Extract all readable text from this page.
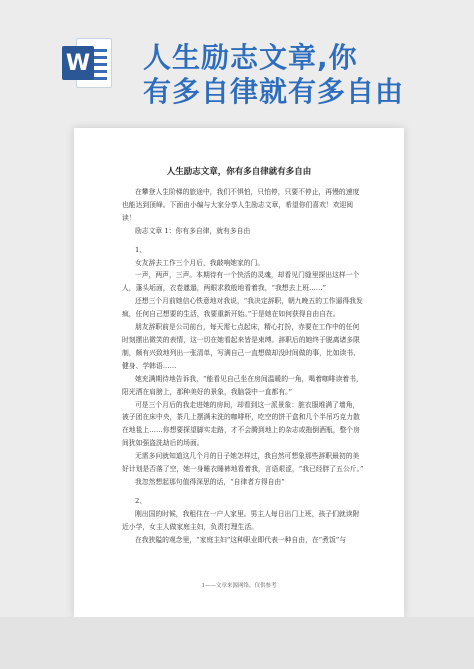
W 人生励志文章,你
有多自律就有多自由
人生励志文章，你有多自律就有多自由
在攀登人生阶梯的旅途中，我们不惧怕，只怕停，只要不停止，再慢的速度也能达到顶峰。下面由小编与大家分享人生励志文章，希望你们喜欢！欢迎阅读！
励志文章 1：你有多自律，就有多自由
1、
女友辞去工作三个月后，我敲响她家的门。
一声，两声，三声。本期待有一个快活的灵魂，却看见门缝里探出这样一个人，蓬头垢面，衣卷邋遢，两眼求救般地看着我，“我想去上班……”
还想三个月前她信心铁意地对我说，“我决定辞职，朝九晚五的工作逼得我发疯，任何自己想要的生活，我要重新开始。”于是她在如何获得自由自在。
朋友辞职前是公司前台，每天需七点起床，精心打扮，赤要在工作中的任何时刻摆出微笑的表情，这一切在她看起来皆是束缚。辞职后的她终于脱离诸多限制，颇有兴致地列出一张清单，写满自己一直想做却没时间做的事，比如读书、健身、学韩语……
她充满期待地告诉我，“能看见自己坐在房间温暖的一角，喝着咖啡读着书，阳光洒在肩膀上，那种美好的景象，我脑袋中一直都有。”
可是三个月后的我走进她的房间，却看到这一派景象：脏衣服堆满了墙角，被子团在床中央，茶几上摆满未洗的咖啡杯，吃空的饼干盒和几个半吊巧克力散在地毯上……你想要探望脚实走路，才不会腾到地上的杂志或拖倒酒瓶，整个房间犹如强盗洗劫后的场面。
无需多问就知道这几个月的日子她怎样过，我自然可想象那些辞职最初的美好计划是否落了空，她一身睡衣睡裤地看着我，言语艰涩，“我已经胖了五公斤。”
我忽然想起那句值得深思的话，“自律者方得自由”
2、
刚出国的时候，我租住在一户人家里。男主人每日出门上班，孩子们就读附近小学，女主人做家庭主妇，负责打理生活。
在我狭隘的观念里，“家庭主妇”这种职业即代表一种自由，在“煮饭”与
1——文章来源网络，仅供参考
